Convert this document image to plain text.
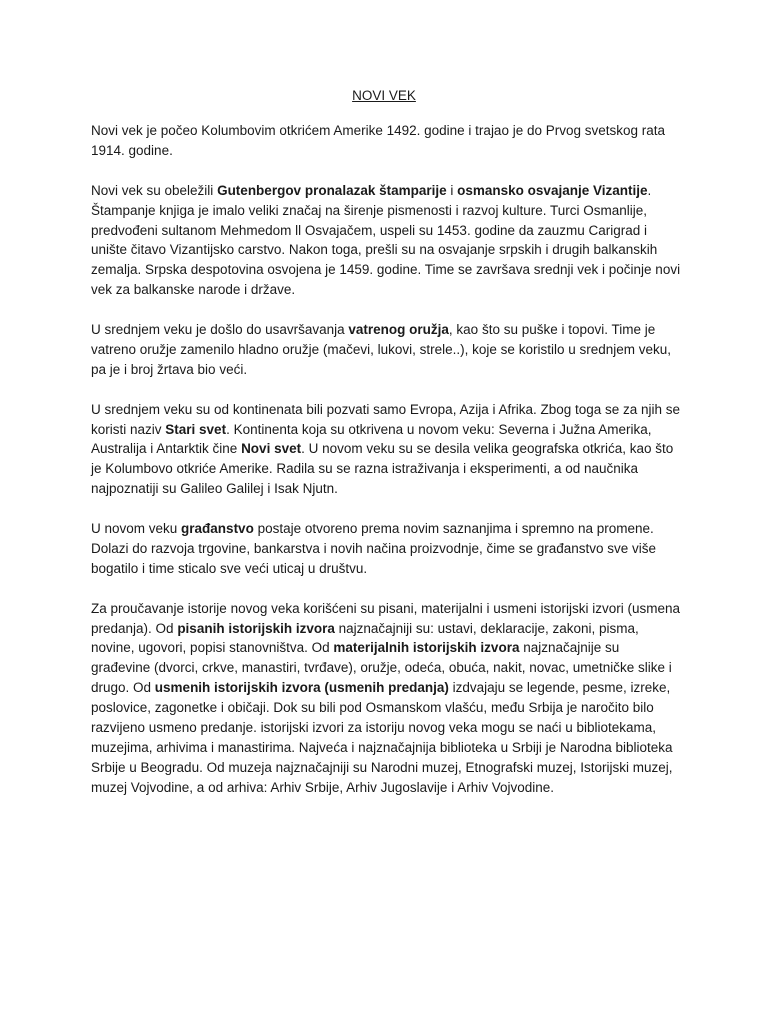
NOVI VEK

Novi vek je počeo Kolumbovim otkrićem Amerike 1492. godine i trajao je do Prvog svetskog rata 1914. godine.

Novi vek su obeležili Gutenbergov pronalazak štamparije i osmansko osvajanje Vizantije. Štampanje knjiga je imalo veliki značaj na širenje pismenosti i razvoj kulture. Turci Osmanlije, predvođeni sultanom Mehmedom ll Osvajačem, uspeli su 1453. godine da zauzmu Carigrad i unište čitavo Vizantijsko carstvo. Nakon toga, prešli su na osvajanje srpskih i drugih balkanskih zemalja. Srpska despotovina osvojena je 1459. godine. Time se završava srednji vek i počinje novi vek za balkanske narode i države.

U srednjem veku je došlo do usavršavanja vatrenog oružja, kao što su puške i topovi. Time je vatreno oružje zamenilo hladno oružje (mačevi, lukovi, strele..), koje se koristilo u srednjem veku, pa je i broj žrtava bio veći.

U srednjem veku su od kontinenata bili pozvati samo Evropa, Azija i Afrika. Zbog toga se za njih se koristi naziv Stari svet. Kontinenta koja su otkrivena u novom veku: Severna i Južna Amerika, Australija i Antarktik čine Novi svet. U novom veku su se desila velika geografska otkrića, kao što je Kolumbovo otkriće Amerike. Radila su se razna istraživanja i eksperimenti, a od naučnika najpoznatiji su Galileo Galilej i Isak Njutn.

U novom veku građanstvo postaje otvoreno prema novim saznanjima i spremno na promene. Dolazi do razvoja trgovine, bankarstva i novih načina proizvodnje, čime se građanstvo sve više bogatilo i time sticalo sve veći uticaj u društvu.

Za proučavanje istorije novog veka korišćeni su pisani, materijalni i usmeni istorijski izvori (usmena predanja). Od pisanih istorijskih izvora najznačajniji su: ustavi, deklaracije, zakoni, pisma, novine, ugovori, popisi stanovništva. Od materijalnih istorijskih izvora najznačajnije su građevine (dvorci, crkve, manastiri, tvrđave), oružje, odeća, obuća, nakit, novac, umetničke slike i drugo. Od usmenih istorijskih izvora (usmenih predanja) izdvajaju se legende, pesme, izreke, poslovice, zagonetke i običaji. Dok su bili pod Osmanskom vlašću, među Srbija je naročito bilo razvijeno usmeno predanje. istorijski izvori za istoriju novog veka mogu se naći u bibliotekama, muzejima, arhivima i manastirima. Najveća i najznačajnija biblioteka u Srbiji je Narodna biblioteka Srbije u Beogradu. Od muzeja najznačajniji su Narodni muzej, Etnografski muzej, Istorijski muzej, muzej Vojvodine, a od arhiva: Arhiv Srbije, Arhiv Jugoslavije i Arhiv Vojvodine.
